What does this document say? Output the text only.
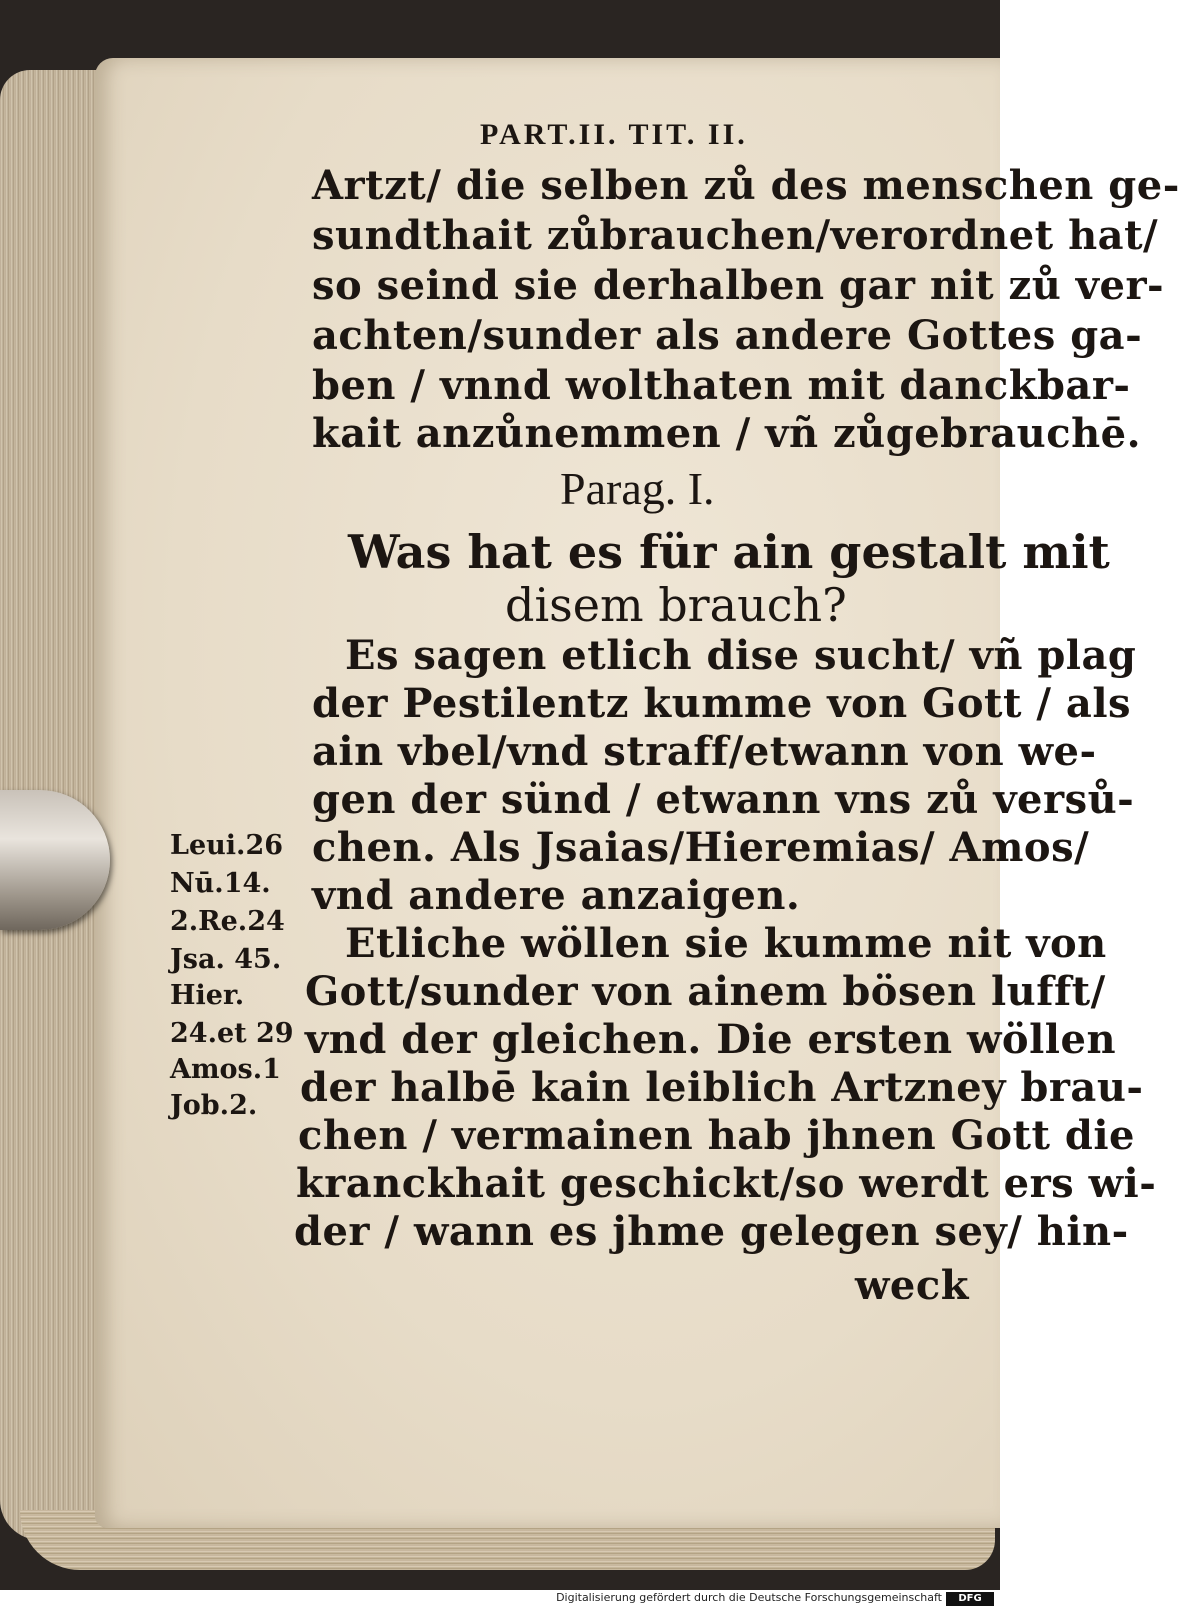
PART.II. TIT. II.
Artzt/ die selben zů des menschen ge-
sundthait zůbrauchen/verordnet hat/
so seind sie derhalben gar nit zů ver-
achten/sunder als andere Gottes ga-
ben / vnnd wolthaten mit danckbar-
kait anzůnemmen / vñ zůgebrauchē.
Parag. I.
Was hat es für ain gestalt mit
disem brauch?
Es sagen etlich dise sucht/ vñ plag
der Pestilentz kumme von Gott / als
ain vbel/vnd straff/etwann von we-
gen der sünd / etwann vns zů versů-
chen. Als Jsaias/Hieremias/ Amos/
vnd andere anzaigen.
Etliche wöllen sie kumme nit von
Gott/sunder von ainem bösen lufft/
vnd der gleichen. Die ersten wöllen
der halbē kain leiblich Artzney brau-
chen / vermainen hab jhnen Gott die
kranckhait geschickt/so werdt ers wi-
der / wann es jhme gelegen sey/ hin-
weck
Leui.26
Nū.14.
2.Re.24
Jsa. 45.
Hier.
24.et 29
Amos.1
Job.2.
Digitalisierung gefördert durch die Deutsche Forschungsgemeinschaft	DFG
